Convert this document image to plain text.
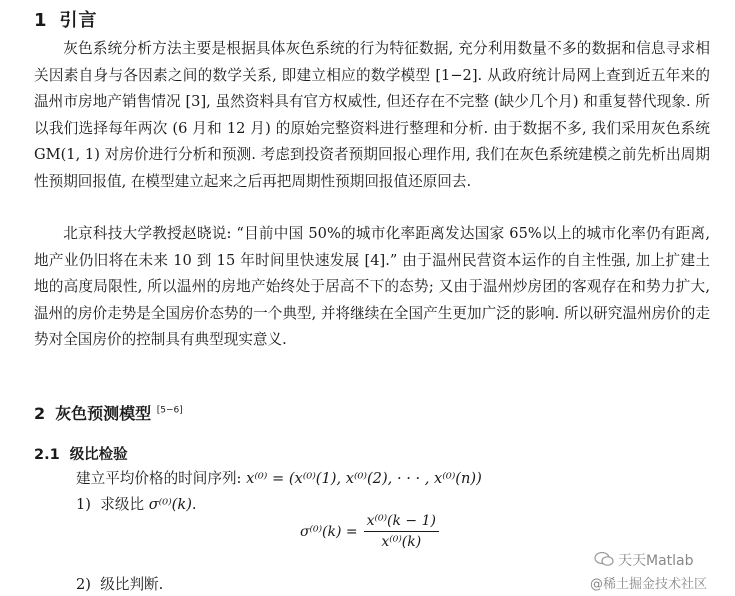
1 引言
灰色系统分析方法主要是根据具体灰色系统的行为特征数据, 充分利用数量不多的数据和信息寻求相关因素自身与各因素之间的数学关系, 即建立相应的数学模型 [1−2]. 从政府统计局网上查到近五年来的温州市房地产销售情况 [3], 虽然资料具有官方权威性, 但还存在不完整 (缺少几个月) 和重复替代现象. 所以我们选择每年两次 (6 月和 12 月) 的原始完整资料进行整理和分析. 由于数据不多, 我们采用灰色系统 GM(1, 1) 对房价进行分析和预测. 考虑到投资者预期回报心理作用, 我们在灰色系统建模之前先析出周期性预期回报值, 在模型建立起来之后再把周期性预期回报值还原回去.
北京科技大学教授赵晓说: “目前中国 50%的城市化率距离发达国家 65%以上的城市化率仍有距离, 地产业仍旧将在未来 10 到 15 年时间里快速发展 [4].” 由于温州民营资本运作的自主性强, 加上扩建土地的高度局限性, 所以温州的房地产始终处于居高不下的态势; 又由于温州炒房团的客观存在和势力扩大, 温州的房价走势是全国房价态势的一个典型, 并将继续在全国产生更加广泛的影响. 所以研究温州房价的走势对全国房价的控制具有典型现实意义.
2 灰色预测模型 [5−6]
2.1 级比检验
建立平均价格的时间序列: x⁽⁰⁾ = (x⁽⁰⁾(1), x⁽⁰⁾(2), · · · , x⁽⁰⁾(n))
1) 求级比 σ⁽⁰⁾(k).
$\sigma^{(0)}(k) = \frac{\text{x⁽⁰⁾(k − 1)}}{\text{x⁽⁰⁾(k)}}$
2) 级比判断.
天天Matlab
@稀土掘金技术社区
